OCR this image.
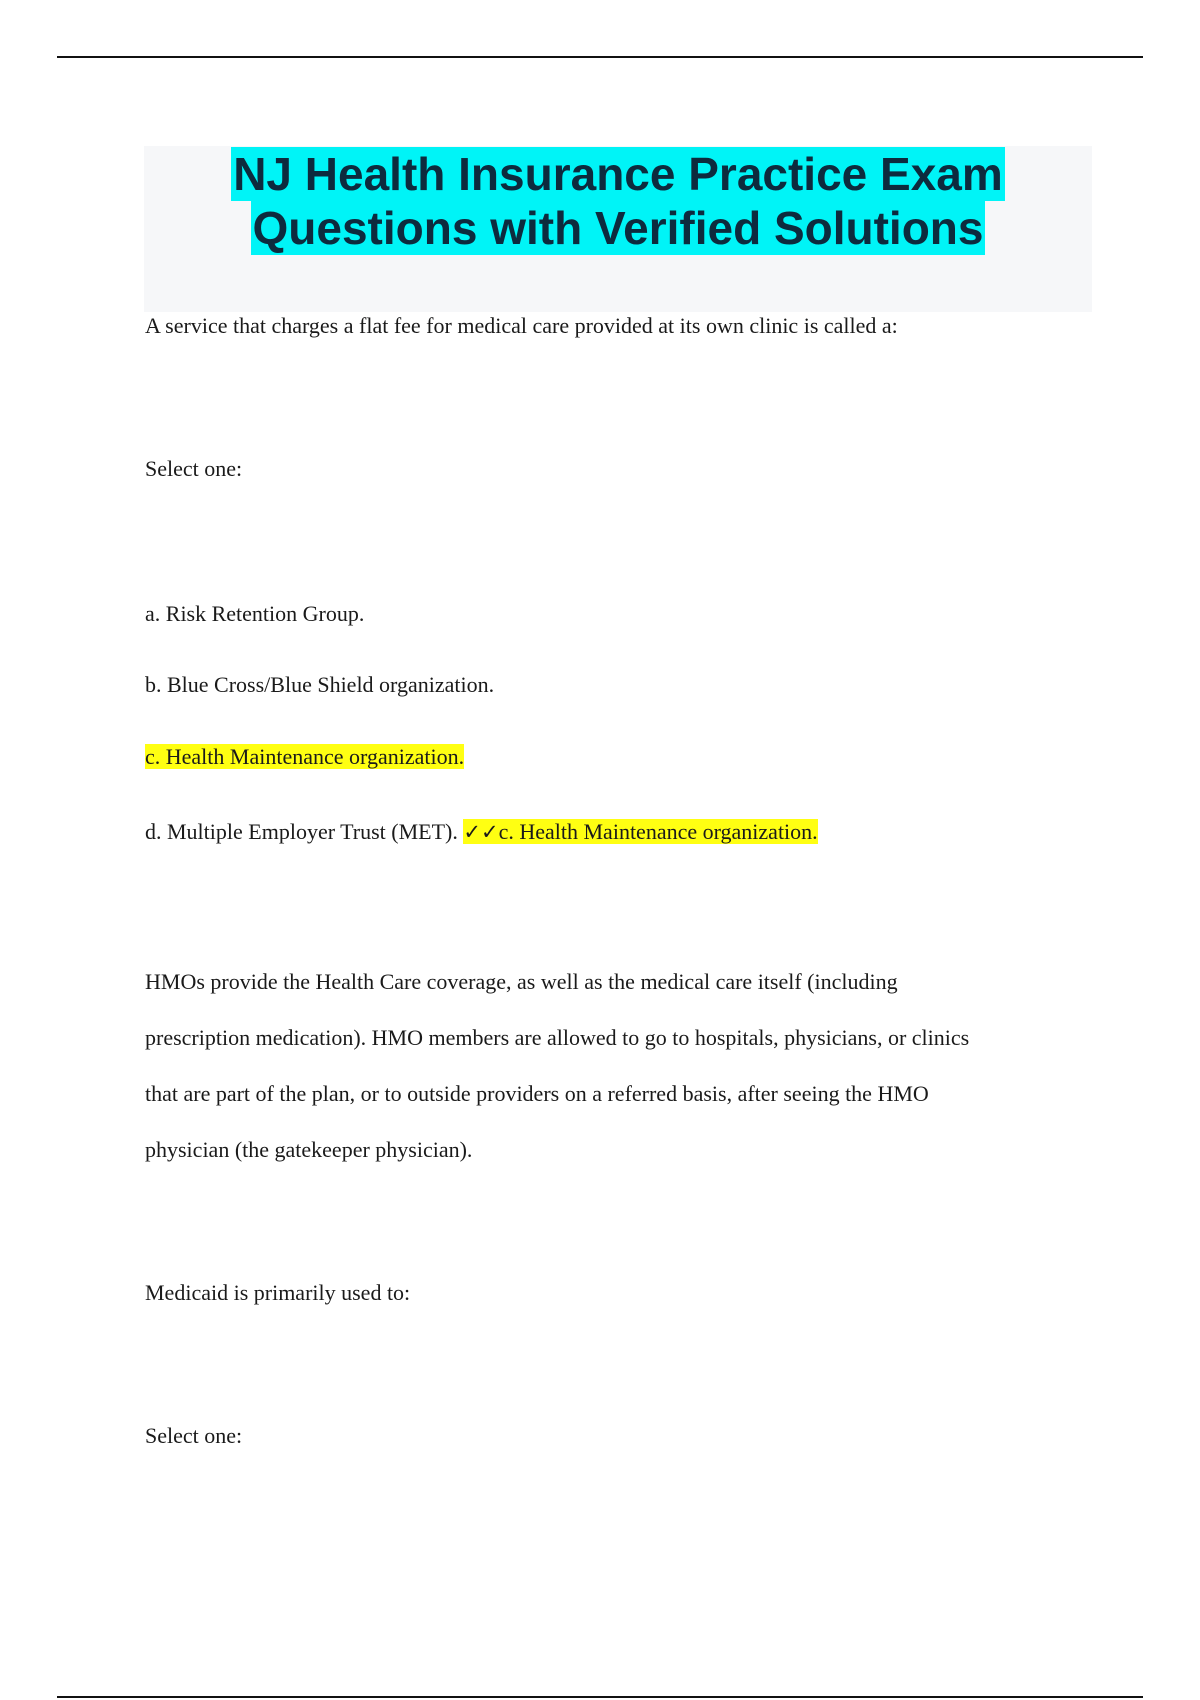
NJ Health Insurance Practice Exam
Questions with Verified Solutions
A service that charges a flat fee for medical care provided at its own clinic is called a:
Select one:
a. Risk Retention Group.
b. Blue Cross/Blue Shield organization.
c. Health Maintenance organization.
d. Multiple Employer Trust (MET). ✓✓c. Health Maintenance organization.
HMOs provide the Health Care coverage, as well as the medical care itself (including
prescription medication). HMO members are allowed to go to hospitals, physicians, or clinics
that are part of the plan, or to outside providers on a referred basis, after seeing the HMO
physician (the gatekeeper physician).
Medicaid is primarily used to:
Select one:
